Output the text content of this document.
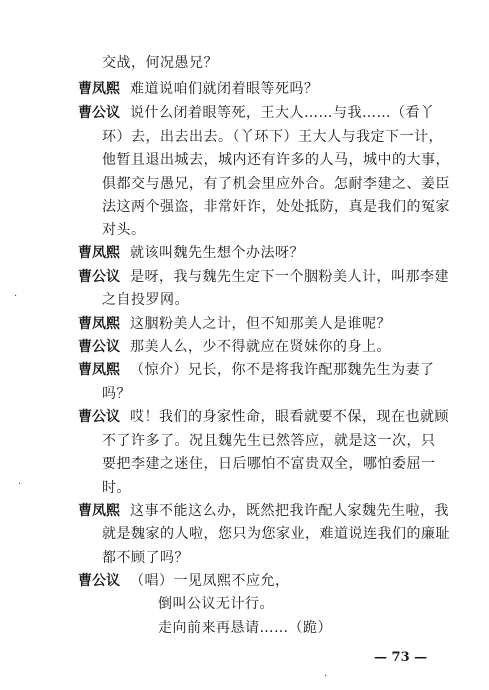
交战，何况愚兄？
曹凤熙 难道说咱们就闭着眼等死吗？
曹公议 说什么闭着眼等死，王大人……与我……（看丫
环）去，出去出去。（丫环下）王大人与我定下一计，
他暂且退出城去，城内还有许多的人马，城中的大事，
俱都交与愚兄，有了机会里应外合。怎耐李建之、姜臣
法这两个强盗，非常奸诈，处处抵防，真是我们的冤家
对头。
曹凤熙 就该叫魏先生想个办法呀？
曹公议 是呀，我与魏先生定下一个胭粉美人计，叫那李建
之自投罗网。
曹凤熙 这胭粉美人之计，但不知那美人是谁呢？
曹公议 那美人么，少不得就应在贤妹你的身上。
曹凤熙 （惊介）兄长，你不是将我许配那魏先生为妻了
吗？
曹公议 哎！我们的身家性命，眼看就要不保，现在也就顾
不了许多了。况且魏先生已然答应，就是这一次，只
要把李建之迷住，日后哪怕不富贵双全，哪怕委屈一
时。
曹凤熙 这事不能这么办，既然把我许配人家魏先生啦，我
就是魏家的人啦，您只为您家业，难道说连我们的廉耻
都不顾了吗？
曹公议 （唱）一见凤熙不应允，
倒叫公议无计行。
走向前来再恳请……（跪）
— 73 —
·
·
·
